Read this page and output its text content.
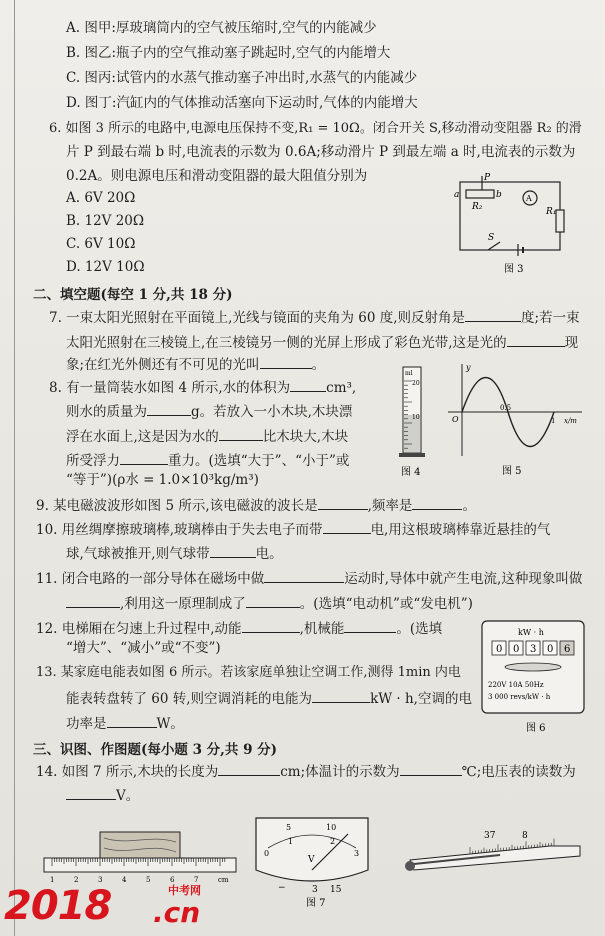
A. 图甲:厚玻璃筒内的空气被压缩时,空气的内能减少
B. 图乙:瓶子内的空气推动塞子跳起时,空气的内能增大
C. 图丙:试管内的水蒸气推动塞子冲出时,水蒸气的内能减少
D. 图丁:汽缸内的气体推动活塞向下运动时,气体的内能增大
6. 如图 3 所示的电路中,电源电压保持不变,R₁ = 10Ω。闭合开关 S,移动滑动变阻器 R₂ 的滑
片 P 到最右端 b 时,电流表的示数为 0.6A;移动滑片 P 到最左端 a 时,电流表的示数为
0.2A。则电源电压和滑动变阻器的最大阻值分别为
A. 6V 20Ω
B. 12V 20Ω
C. 6V 10Ω
D. 12V 10Ω
P
a	b
R₂
A
R₁
S
图 3
二、填空题(每空 1 分,共 18 分)
7. 一束太阳光照射在平面镜上,光线与镜面的夹角为 60 度,则反射角是	度;若一束
太阳光照射在三棱镜上,在三棱镜另一侧的光屏上形成了彩色光带,这是光的	现
象;在红光外侧还有不可见的光叫	。
8. 有一量筒装水如图 4 所示,水的体积为	cm³,
则水的质量为	g。若放入一小木块,木块漂
浮在水面上,这是因为水的	比木块大,木块
所受浮力	重力。(选填“大于”、“小于”或
“等于”)(ρ水 = 1.0×10³kg/m³)
ml
20
10
图 4
y
x/m
O
0.5
1
图 5
9. 某电磁波波形如图 5 所示,该电磁波的波长是	,频率是	。
10. 用丝绸摩擦玻璃棒,玻璃棒由于失去电子而带	电,用这根玻璃棒靠近悬挂的气
球,气球被推开,则气球带	电。
11. 闭合电路的一部分导体在磁场中做	运动时,导体中就产生电流,这种现象叫做
,利用这一原理制成了	。(选填“电动机”或“发电机”)
12. 电梯厢在匀速上升过程中,动能	,机械能	。(选填
“增大”、“减小”或“不变”)
13. 某家庭电能表如图 6 所示。若该家庭单独让空调工作,测得 1min 内电
能表转盘转了 60 转,则空调消耗的电能为	kW · h,空调的电
功率是	W。
kW · h
0 0 3 0 6
220V 10A 50Hz
3 000 revs/kW · h
图 6
三、识图、作图题(每小题 3 分,共 9 分)
14. 如图 7 所示,木块的长度为	cm;体温计的示数为	℃;电压表的读数为
V。
1	2	3	4	5	6	7	cm
5	10
0
1	2
3
V
−	3 15
图 7
37	8
2018	中考网
.cn
